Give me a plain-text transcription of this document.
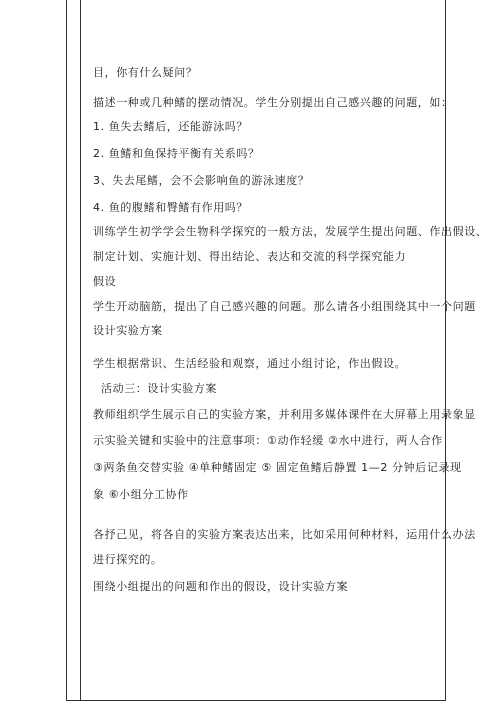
目，你有什么疑问？
描述一种或几种鳍的摆动情况。学生分别提出自己感兴趣的问题，如：
1. 鱼失去鳍后，还能游泳吗？
2. 鱼鳍和鱼保持平衡有关系吗？
3、失去尾鳍，会不会影响鱼的游泳速度？
4. 鱼的腹鳍和臀鳍有作用吗？
训练学生初学学会生物科学探究的一般方法，发展学生提出问题、作出假设、
制定计划、实施计划、得出结论、表达和交流的科学探究能力
假设
学生开动脑筋，提出了自己感兴趣的问题。那么请各小组围绕其中一个问题
设计实验方案
学生根据常识、生活经验和观察，通过小组讨论，作出假设。
活动三：设计实验方案
教师组织学生展示自己的实验方案，并利用多媒体课件在大屏幕上用录象显
示实验关键和实验中的注意事项：①动作轻缓 ②水中进行，两人合作
③两条鱼交替实验 ④单种鳍固定 ⑤ 固定鱼鳍后静置 1—2 分钟后记录现
象 ⑥小组分工协作
各抒己见，将各自的实验方案表达出来，比如采用何种材料，运用什么办法
进行探究的。
围绕小组提出的问题和作出的假设，设计实验方案
